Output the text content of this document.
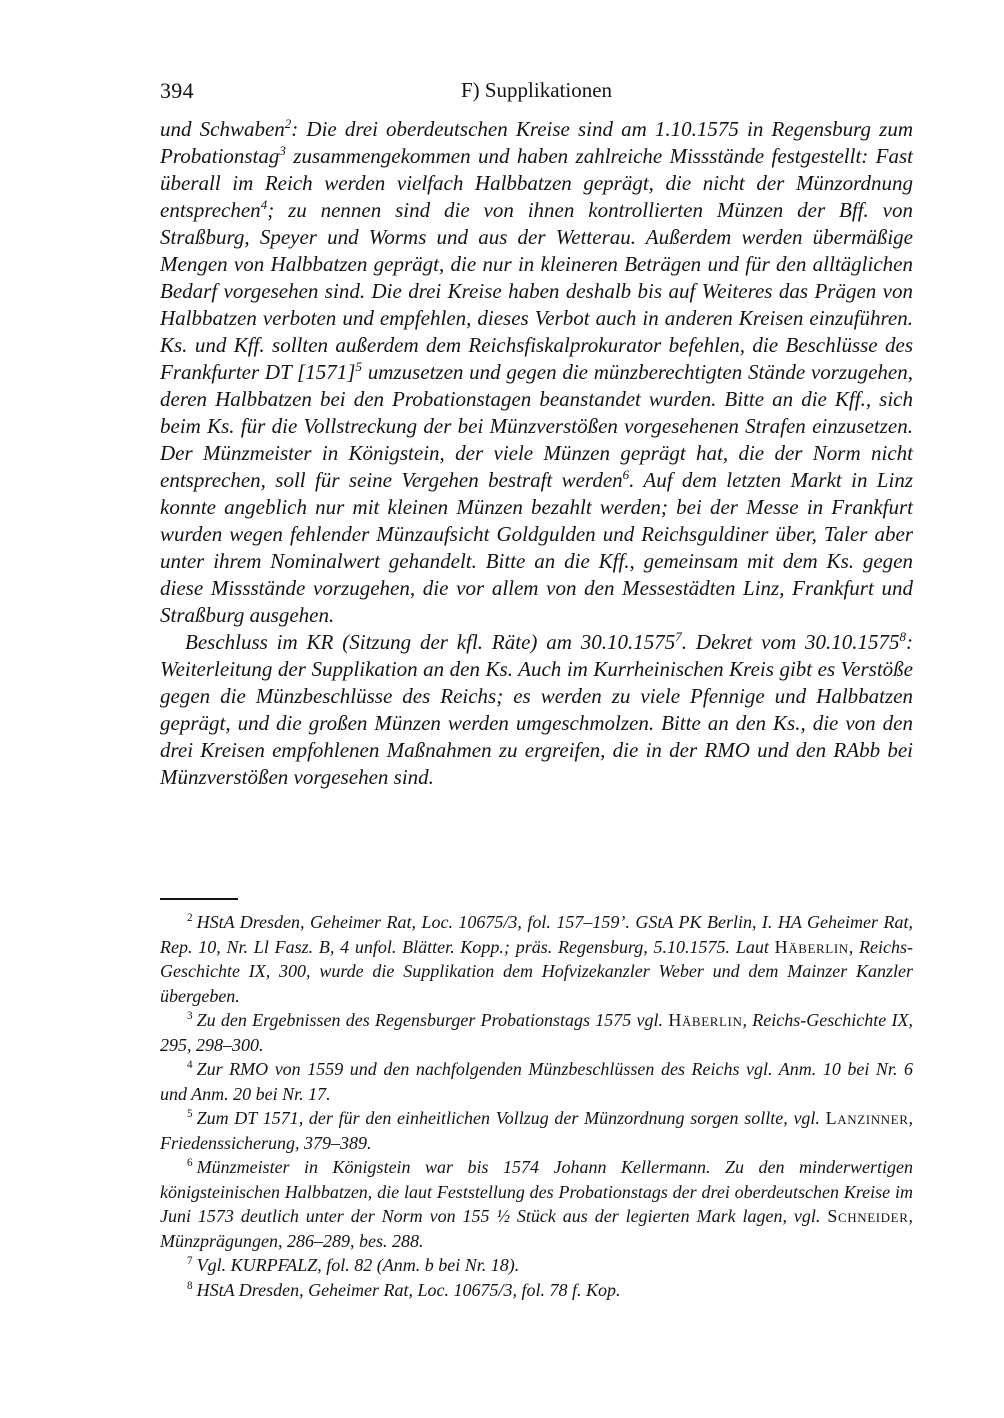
394	F) Supplikationen

und Schwaben$^2$: Die drei oberdeutschen Kreise sind am 1.10.1575 in Regensburg zum Probationstag$^3$ zusammengekommen und haben zahlreiche Missstände festgestellt: Fast überall im Reich werden vielfach Halbbatzen geprägt, die nicht der Münzordnung entsprechen$^4$; zu nennen sind die von ihnen kontrollierten Münzen der Bff. von Straßburg, Speyer und Worms und aus der Wetterau. Außerdem werden übermäßige Mengen von Halbbatzen geprägt, die nur in kleineren Beträgen und für den alltäglichen Bedarf vorgesehen sind. Die drei Kreise haben deshalb bis auf Weiteres das Prägen von Halbbatzen verboten und empfehlen, dieses Verbot auch in anderen Kreisen einzuführen. Ks. und Kff. sollten außerdem dem Reichsfiskalprokurator befehlen, die Beschlüsse des Frankfurter DT $[1571]^5$ umzusetzen und gegen die münzberechtigten Stände vorzugehen, deren Halbbatzen bei den Probationstagen beanstandet wurden. Bitte an die Kff., sich beim Ks. für die Vollstreckung der bei Münzverstößen vorgesehenen Strafen einzusetzen. Der Münzmeister in Königstein, der viele Münzen geprägt hat, die der Norm nicht entsprechen, soll für seine Vergehen bestraft werden$^6$. Auf dem letzten Markt in Linz konnte angeblich nur mit kleinen Münzen bezahlt werden; bei der Messe in Frankfurt wurden wegen fehlender Münzaufsicht Goldgulden und Reichsguldiner über, Taler aber unter ihrem Nominalwert gehandelt. Bitte an die Kff., gemeinsam mit dem Ks. gegen diese Missstände vorzugehen, die vor allem von den Messestädten Linz, Frankfurt und Straßburg ausgehen.

Beschluss im KR (Sitzung der kfl. Räte) am 30.10.1575$^7$. Dekret vom 30.10.1575$^8$: Weiterleitung der Supplikation an den Ks. Auch im Kurrheinischen Kreis gibt es Verstöße gegen die Münzbeschlüsse des Reichs; es werden zu viele Pfennige und Halbbatzen geprägt, und die großen Münzen werden umgeschmolzen. Bitte an den Ks., die von den drei Kreisen empfohlenen Maßnahmen zu ergreifen, die in der RMO und den RAbb bei Münzverstößen vorgesehen sind.

$^2$ HStA Dresden, Geheimer Rat, Loc. 10675/3, fol. 157–159’. GStA PK Berlin, I. HA Geheimer Rat, Rep. 10, Nr. Ll Fasz. B, 4 unfol. Blätter. Kopp.; präs. Regensburg, 5.10.1575. Laut Häberlin, Reichs-Geschichte IX, 300, wurde die Supplikation dem Hofvizekanzler Weber und dem Mainzer Kanzler übergeben.

$^3$ Zu den Ergebnissen des Regensburger Probationstags 1575 vgl. Häberlin, Reichs-Geschichte IX, 295, 298–300.

$^4$ Zur RMO von 1559 und den nachfolgenden Münzbeschlüssen des Reichs vgl. Anm. 10 bei Nr. 6 und Anm. 20 bei Nr. 17.

$^5$ Zum DT 1571, der für den einheitlichen Vollzug der Münzordnung sorgen sollte, vgl. Lanzinner, Friedenssicherung, 379–389.

$^6$ Münzmeister in Königstein war bis 1574 Johann Kellermann. Zu den minderwertigen königsteinischen Halbbatzen, die laut Feststellung des Probationstags der drei oberdeutschen Kreise im Juni 1573 deutlich unter der Norm von 155 ½ Stück aus der legierten Mark lagen, vgl. Schneider, Münzprägungen, 286–289, bes. 288.

$^7$ Vgl. KURPFALZ, fol. 82 (Anm. b bei Nr. 18).

$^8$ HStA Dresden, Geheimer Rat, Loc. 10675/3, fol. 78 f. Kop.
